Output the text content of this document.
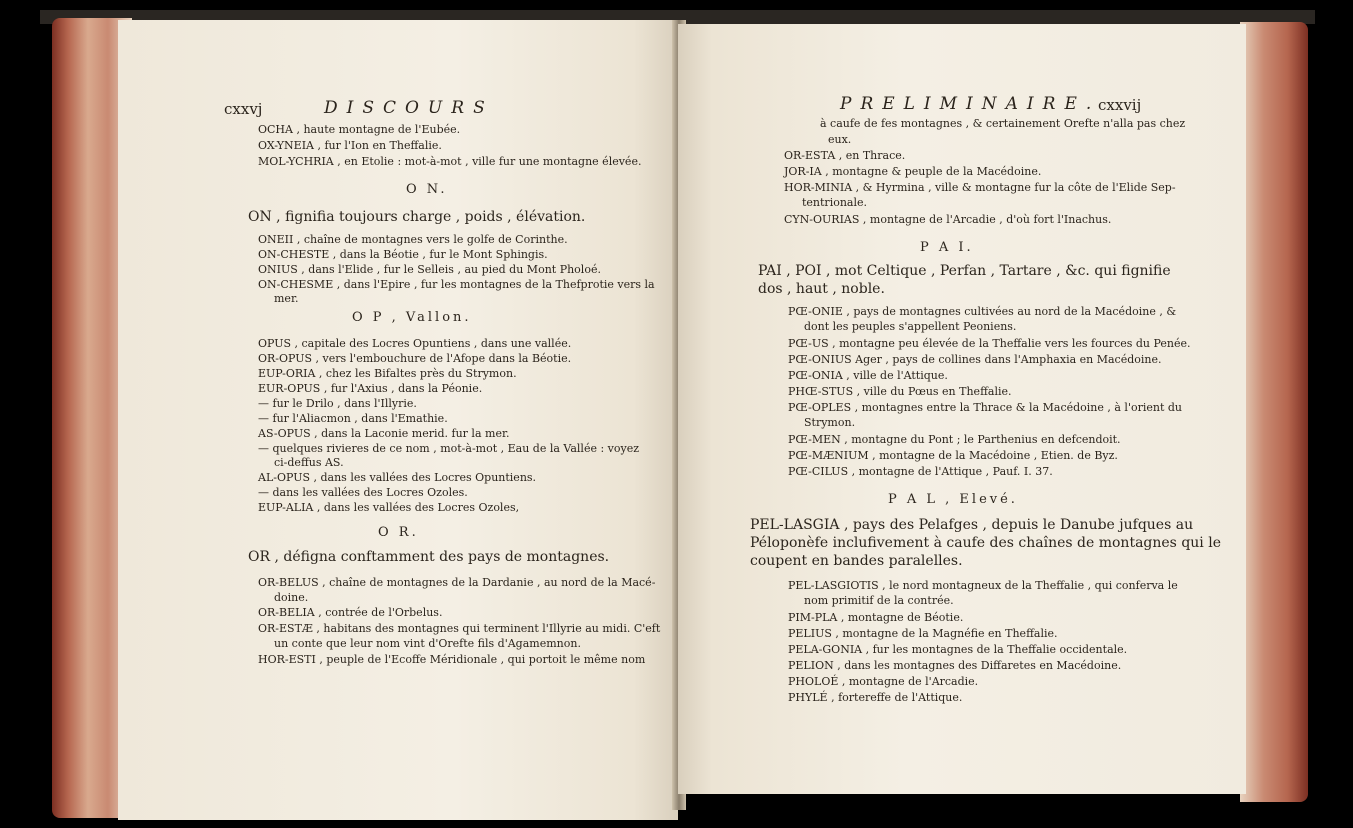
cxxvj	DISCOURS
OCHA , haute montagne de l'Eubée.
OX-YNEIA , fur l'Ion en Theffalie.
MOL-YCHRIA , en Etolie : mot-à-mot , ville fur une montagne élevée.
O N.
ON , fignifia toujours charge , poids , élévation.
ONEII , chaîne de montagnes vers le golfe de Corinthe.
ON-CHESTE , dans la Béotie , fur le Mont Sphingis.
ONIUS , dans l'Elide , fur le Selleis , au pied du Mont Pholoé.
ON-CHESME , dans l'Epire , fur les montagnes de la Thefprotie vers la
mer.
O P , Vallon.
OPUS , capitale des Locres Opuntiens , dans une vallée.
OR-OPUS , vers l'embouchure de l'Afope dans la Béotie.
EUP-ORIA , chez les Bifaltes près du Strymon.
EUR-OPUS , fur l'Axius , dans la Péonie.
— fur le Drilo , dans l'Illyrie.
— fur l'Aliacmon , dans l'Emathie.
AS-OPUS , dans la Laconie merid. fur la mer.
— quelques rivieres de ce nom , mot-à-mot , Eau de la Vallée : voyez
ci-deffus AS.
AL-OPUS , dans les vallées des Locres Opuntiens.
— dans les vallées des Locres Ozoles.
EUP-ALIA , dans les vallées des Locres Ozoles,
O R.
OR , défigna conftamment des pays de montagnes.
OR-BELUS , chaîne de montagnes de la Dardanie , au nord de la Macé-
doine.
OR-BELIA , contrée de l'Orbelus.
OR-ESTÆ , habitans des montagnes qui terminent l'Illyrie au midi. C'eft
un conte que leur nom vint d'Orefte fils d'Agamemnon.
HOR-ESTI , peuple de l'Ecoffe Méridionale , qui portoit le même nom
PRELIMINAIRE.
cxxvij
à caufe de fes montagnes , & certainement Orefte n'alla pas chez
eux.
OR-ESTA , en Thrace.
JOR-IA , montagne & peuple de la Macédoine.
HOR-MINIA , & Hyrmina , ville & montagne fur la côte de l'Elide Sep-
tentrionale.
CYN-OURIAS , montagne de l'Arcadie , d'où fort l'Inachus.
P A I.
PAI , POI , mot Celtique , Perfan , Tartare , &c. qui fignifie
dos , haut , noble.
PŒ-ONIE , pays de montagnes cultivées au nord de la Macédoine , &
dont les peuples s'appellent Peoniens.
PŒ-US , montagne peu élevée de la Theffalie vers les fources du Penée.
PŒ-ONIUS Ager , pays de collines dans l'Amphaxia en Macédoine.
PŒ-ONIA , ville de l'Attique.
PHŒ-STUS , ville du Pœus en Theffalie.
PŒ-OPLES , montagnes entre la Thrace & la Macédoine , à l'orient du
Strymon.
PŒ-MEN , montagne du Pont ; le Parthenius en defcendoit.
PŒ-MÆNIUM , montagne de la Macédoine , Etien. de Byz.
PŒ-CILUS , montagne de l'Attique , Pauf. I. 37.
P A L , Elevé.
PEL-LASGIA , pays des Pelafges , depuis le Danube jufques au
Péloponèfe inclufivement à caufe des chaînes de montagnes qui le
coupent en bandes paralelles.
PEL-LASGIOTIS , le nord montagneux de la Theffalie , qui conferva le
nom primitif de la contrée.
PIM-PLA , montagne de Béotie.
PELIUS , montagne de la Magnéfie en Theffalie.
PELA-GONIA , fur les montagnes de la Theffalie occidentale.
PELION , dans les montagnes des Diffaretes en Macédoine.
PHOLOÉ , montagne de l'Arcadie.
PHYLÉ , fortereffe de l'Attique.
